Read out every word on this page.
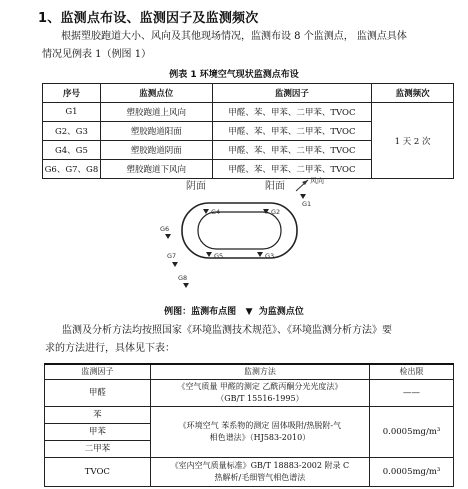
1、监测点布设、监测因子及监测频次
根据塑胶跑道大小、风向及其他现场情况，监测布设 8 个监测点， 监测点具体
情况见例表 1（例图 1）
例表 1 环境空气现状监测点布设
序号	监测点位	监测因子	监测频次
G1	塑胶跑道上风向	甲醛、苯、甲苯、二甲苯、TVOC	1 天 2 次
G2、G3	塑胶跑道阳面	甲醛、苯、甲苯、二甲苯、TVOC	
G4、G5	塑胶跑道阴面	甲醛、苯、甲苯、二甲苯、TVOC	
G6、G7、G8	塑胶跑道下风向	甲醛、苯、甲苯、二甲苯、TVOC	
阴面	阳面	风向
G1
G4	G2
G5	G3
G6
G7
G8
例图：监测布点图 ▼ 为监测点位
监测及分析方法均按照国家《环境监测技术规范》、《环境监测分析方法》要
求的方法进行，具体见下表：
监测因子	监测方法	检出限
甲醛	《空气质量 甲醛的测定 乙酰丙酮分光光度法》
（GB/T 15516-1995）	——
苯	《环境空气 苯系物的测定 固体吸附/热脱附-气
相色谱法》（HJ583-2010）	0.0005mg/m³
甲苯		
二甲苯		
TVOC	《室内空气质量标准》GB/T 18883-2002 附录 C
热解析/毛细管气相色谱法	0.0005mg/m³
